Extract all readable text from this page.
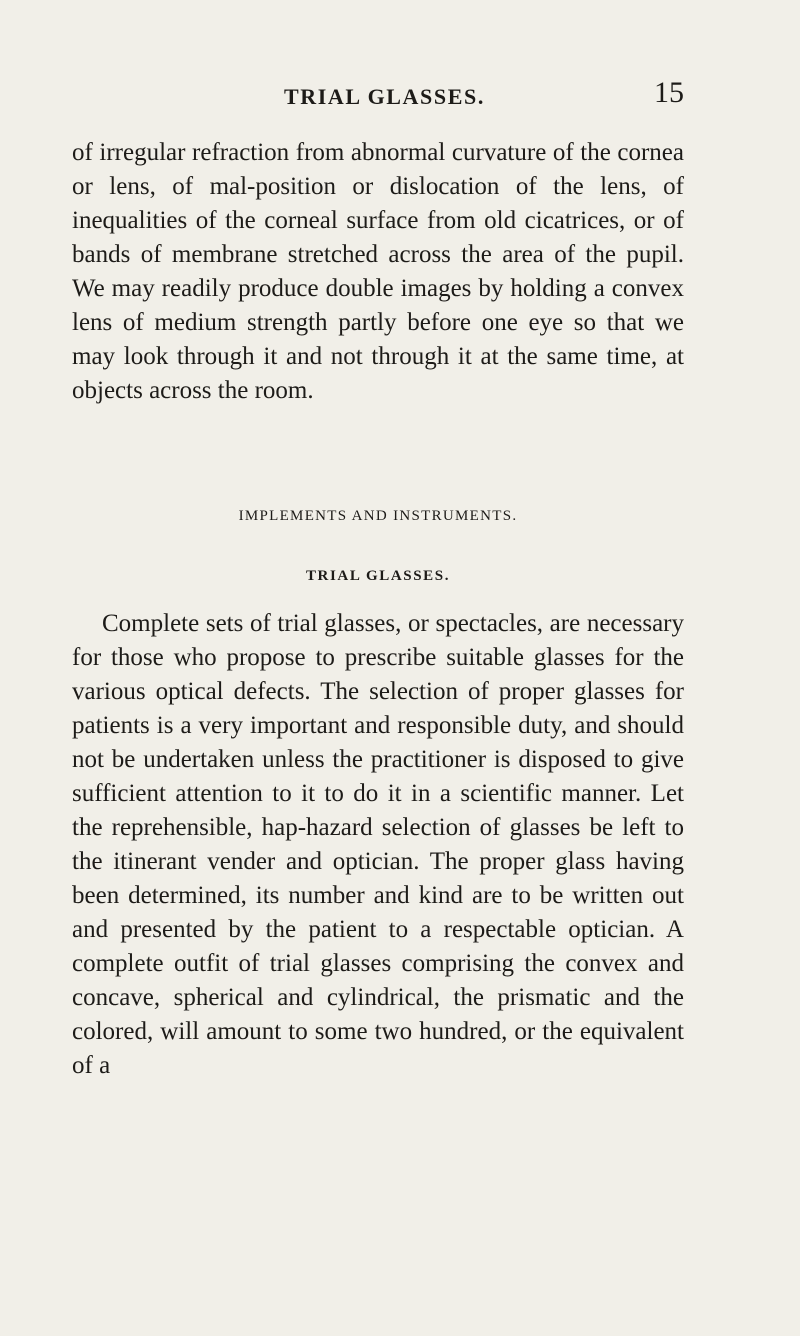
TRIAL GLASSES.	15

of irregular refraction from abnormal curvature of the cornea or lens, of mal-position or dislocation of the lens, of inequalities of the corneal surface from old cicatrices, or of bands of membrane stretched across the area of the pupil. We may readily produce double images by holding a convex lens of medium strength partly before one eye so that we may look through it and not through it at the same time, at objects across the room.

IMPLEMENTS AND INSTRUMENTS.
TRIAL GLASSES.

Complete sets of trial glasses, or spectacles, are necessary for those who propose to prescribe suitable glasses for the various optical defects. The selection of proper glasses for patients is a very important and responsible duty, and should not be undertaken unless the practitioner is disposed to give sufficient attention to it to do it in a scientific manner. Let the reprehensible, hap-hazard selection of glasses be left to the itinerant vender and optician. The proper glass having been determined, its number and kind are to be written out and presented by the patient to a respectable optician. A complete outfit of trial glasses comprising the convex and concave, spherical and cylindrical, the prismatic and the colored, will amount to some two hundred, or the equivalent of a
